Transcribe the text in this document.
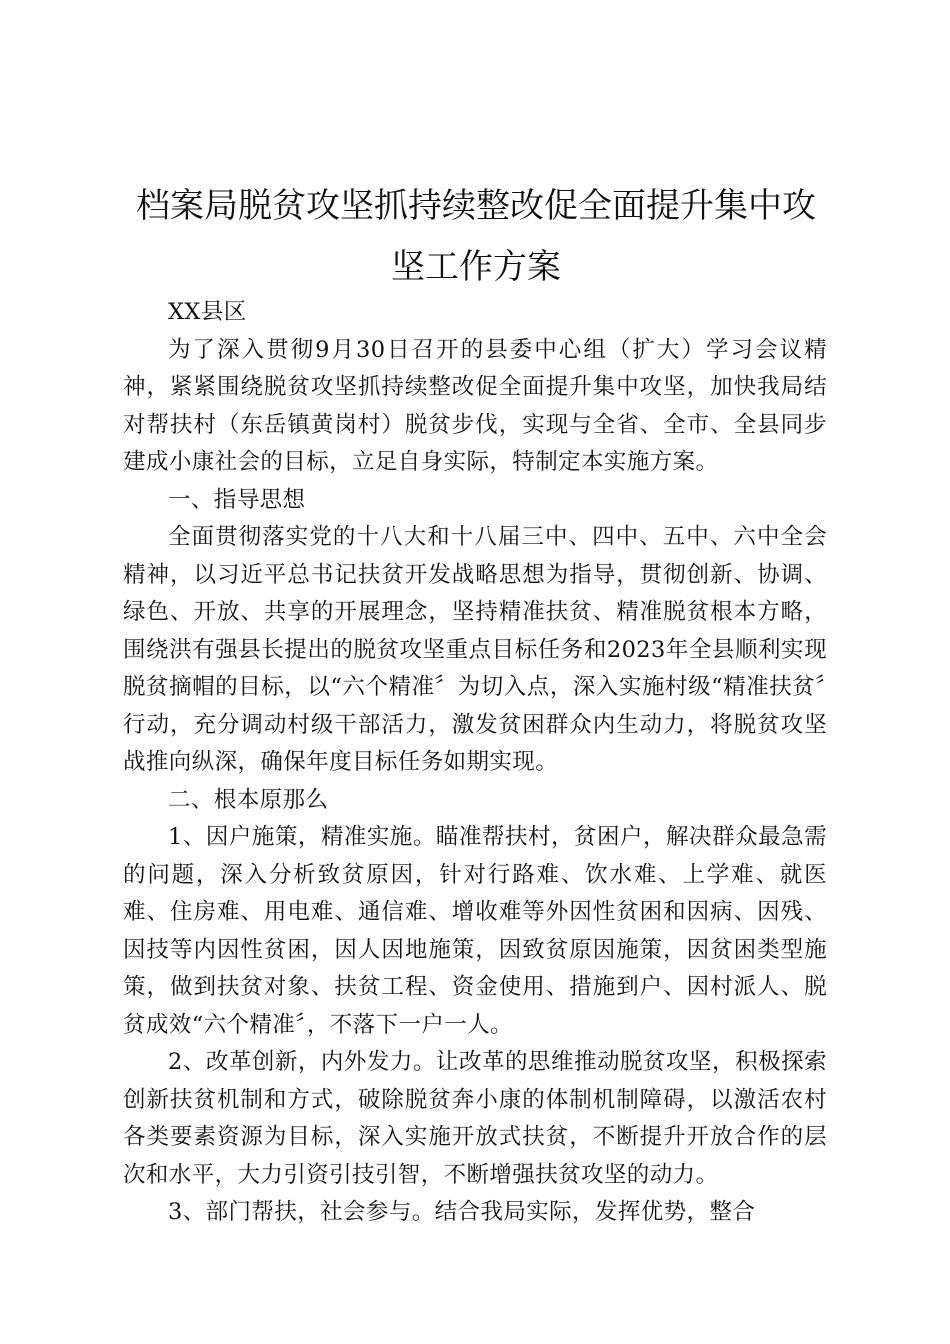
档案局脱贫攻坚抓持续整改促全面提升集中攻
坚工作方案

XX县区

为了深入贯彻9月30日召开的县委中心组（扩大）学习会议精神，紧紧围绕脱贫攻坚抓持续整改促全面提升集中攻坚，加快我局结对帮扶村（东岳镇黄岗村）脱贫步伐，实现与全省、全市、全县同步建成小康社会的目标，立足自身实际，特制定本实施方案。

一、指导思想

全面贯彻落实党的十八大和十八届三中、四中、五中、六中全会精神，以习近平总书记扶贫开发战略思想为指导，贯彻创新、协调、绿色、开放、共享的开展理念，坚持精准扶贫、精准脱贫根本方略，围绕洪有强县长提出的脱贫攻坚重点目标任务和2023年全县顺利实现脱贫摘帽的目标，以“六个精准〞为切入点，深入实施村级“精准扶贫〞行动，充分调动村级干部活力，激发贫困群众内生动力，将脱贫攻坚战推向纵深，确保年度目标任务如期实现。

二、根本原那么

1、因户施策，精准实施。瞄准帮扶村，贫困户，解决群众最急需的问题，深入分析致贫原因，针对行路难、饮水难、上学难、就医难、住房难、用电难、通信难、增收难等外因性贫困和因病、因残、因技等内因性贫困，因人因地施策，因致贫原因施策，因贫困类型施策，做到扶贫对象、扶贫工程、资金使用、措施到户、因村派人、脱贫成效“六个精准〞，不落下一户一人。

2、改革创新，内外发力。让改革的思维推动脱贫攻坚，积极探索创新扶贫机制和方式，破除脱贫奔小康的体制机制障碍，以激活农村各类要素资源为目标，深入实施开放式扶贫，不断提升开放合作的层次和水平，大力引资引技引智，不断增强扶贫攻坚的动力。

3、部门帮扶，社会参与。结合我局实际，发挥优势，整合
